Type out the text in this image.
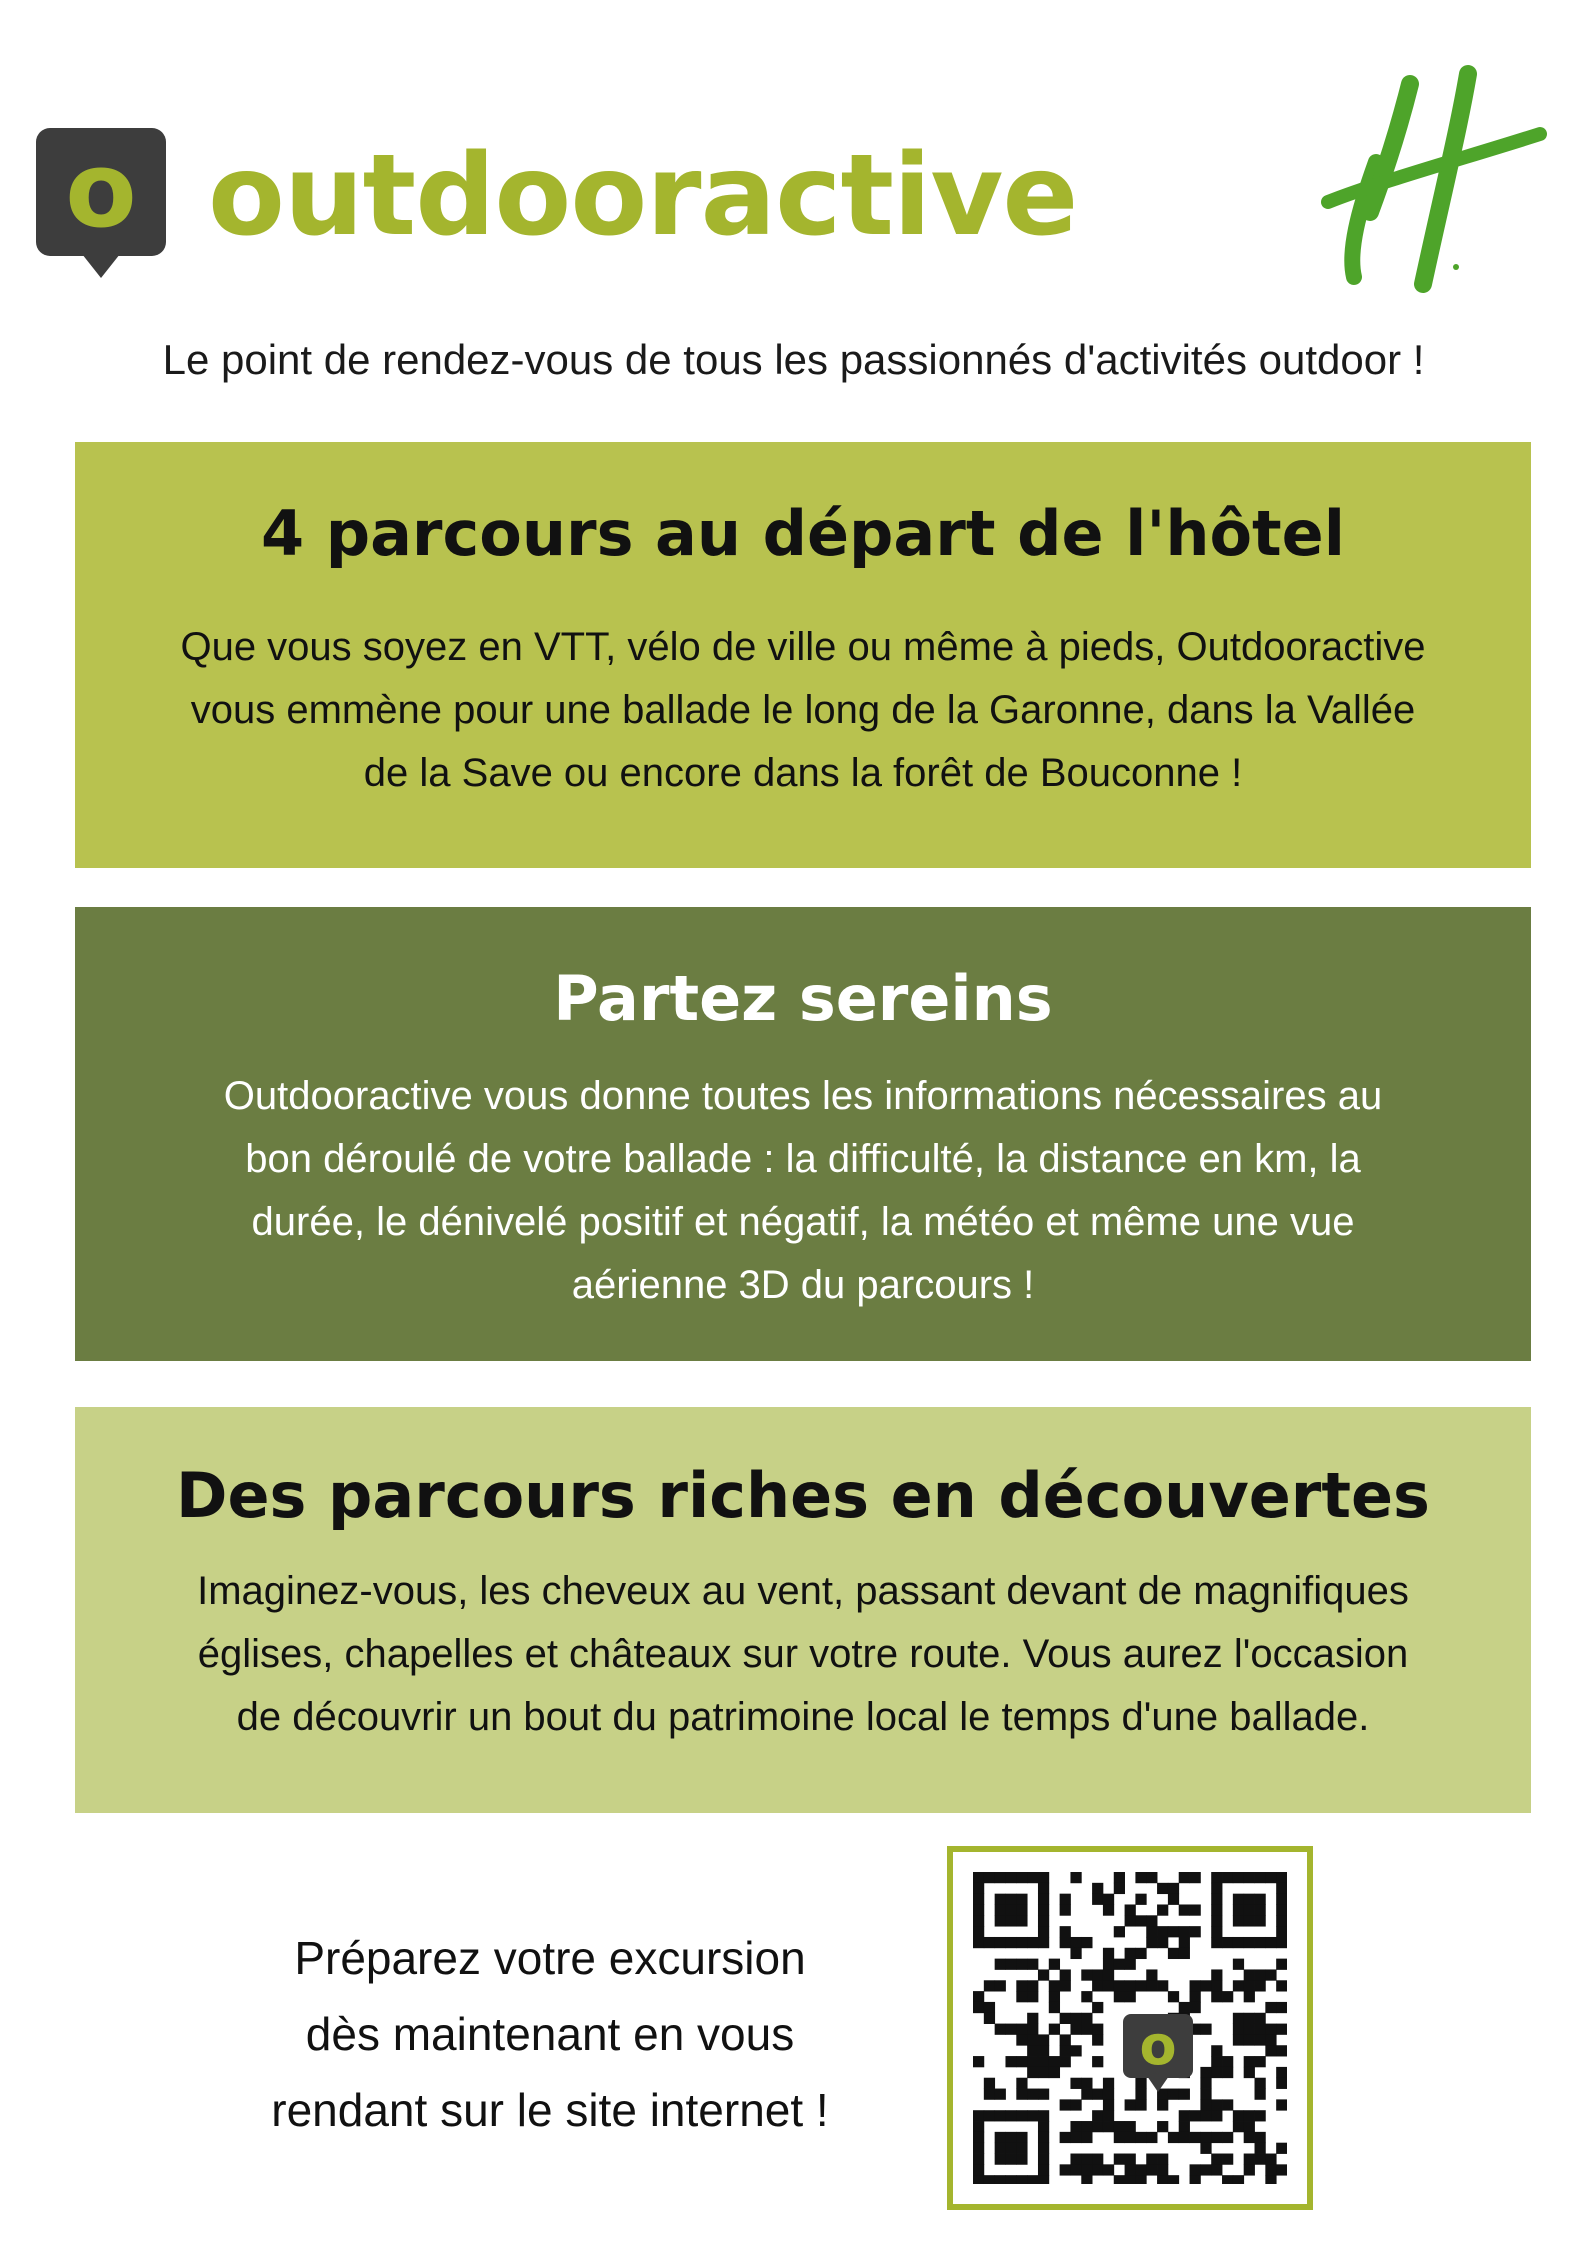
o outdooractive
Le point de rendez-vous de tous les passionnés d'activités outdoor !
4 parcours au départ de l'hôtel

Que vous soyez en VTT, vélo de ville ou même à pieds, Outdooractive
vous emmène pour une ballade le long de la Garonne, dans la Vallée
de la Save ou encore dans la forêt de Bouconne !

Partez sereins

Outdooractive vous donne toutes les informations nécessaires au
bon déroulé de votre ballade : la difficulté, la distance en km, la
durée, le dénivelé positif et négatif, la météo et même une vue
aérienne 3D du parcours !

Des parcours riches en découvertes

Imaginez-vous, les cheveux au vent, passant devant de magnifiques
églises, chapelles et châteaux sur votre route. Vous aurez l'occasion
de découvrir un bout du patrimoine local le temps d'une ballade.

Préparez votre excursion
dès maintenant en vous
rendant sur le site internet !
o
